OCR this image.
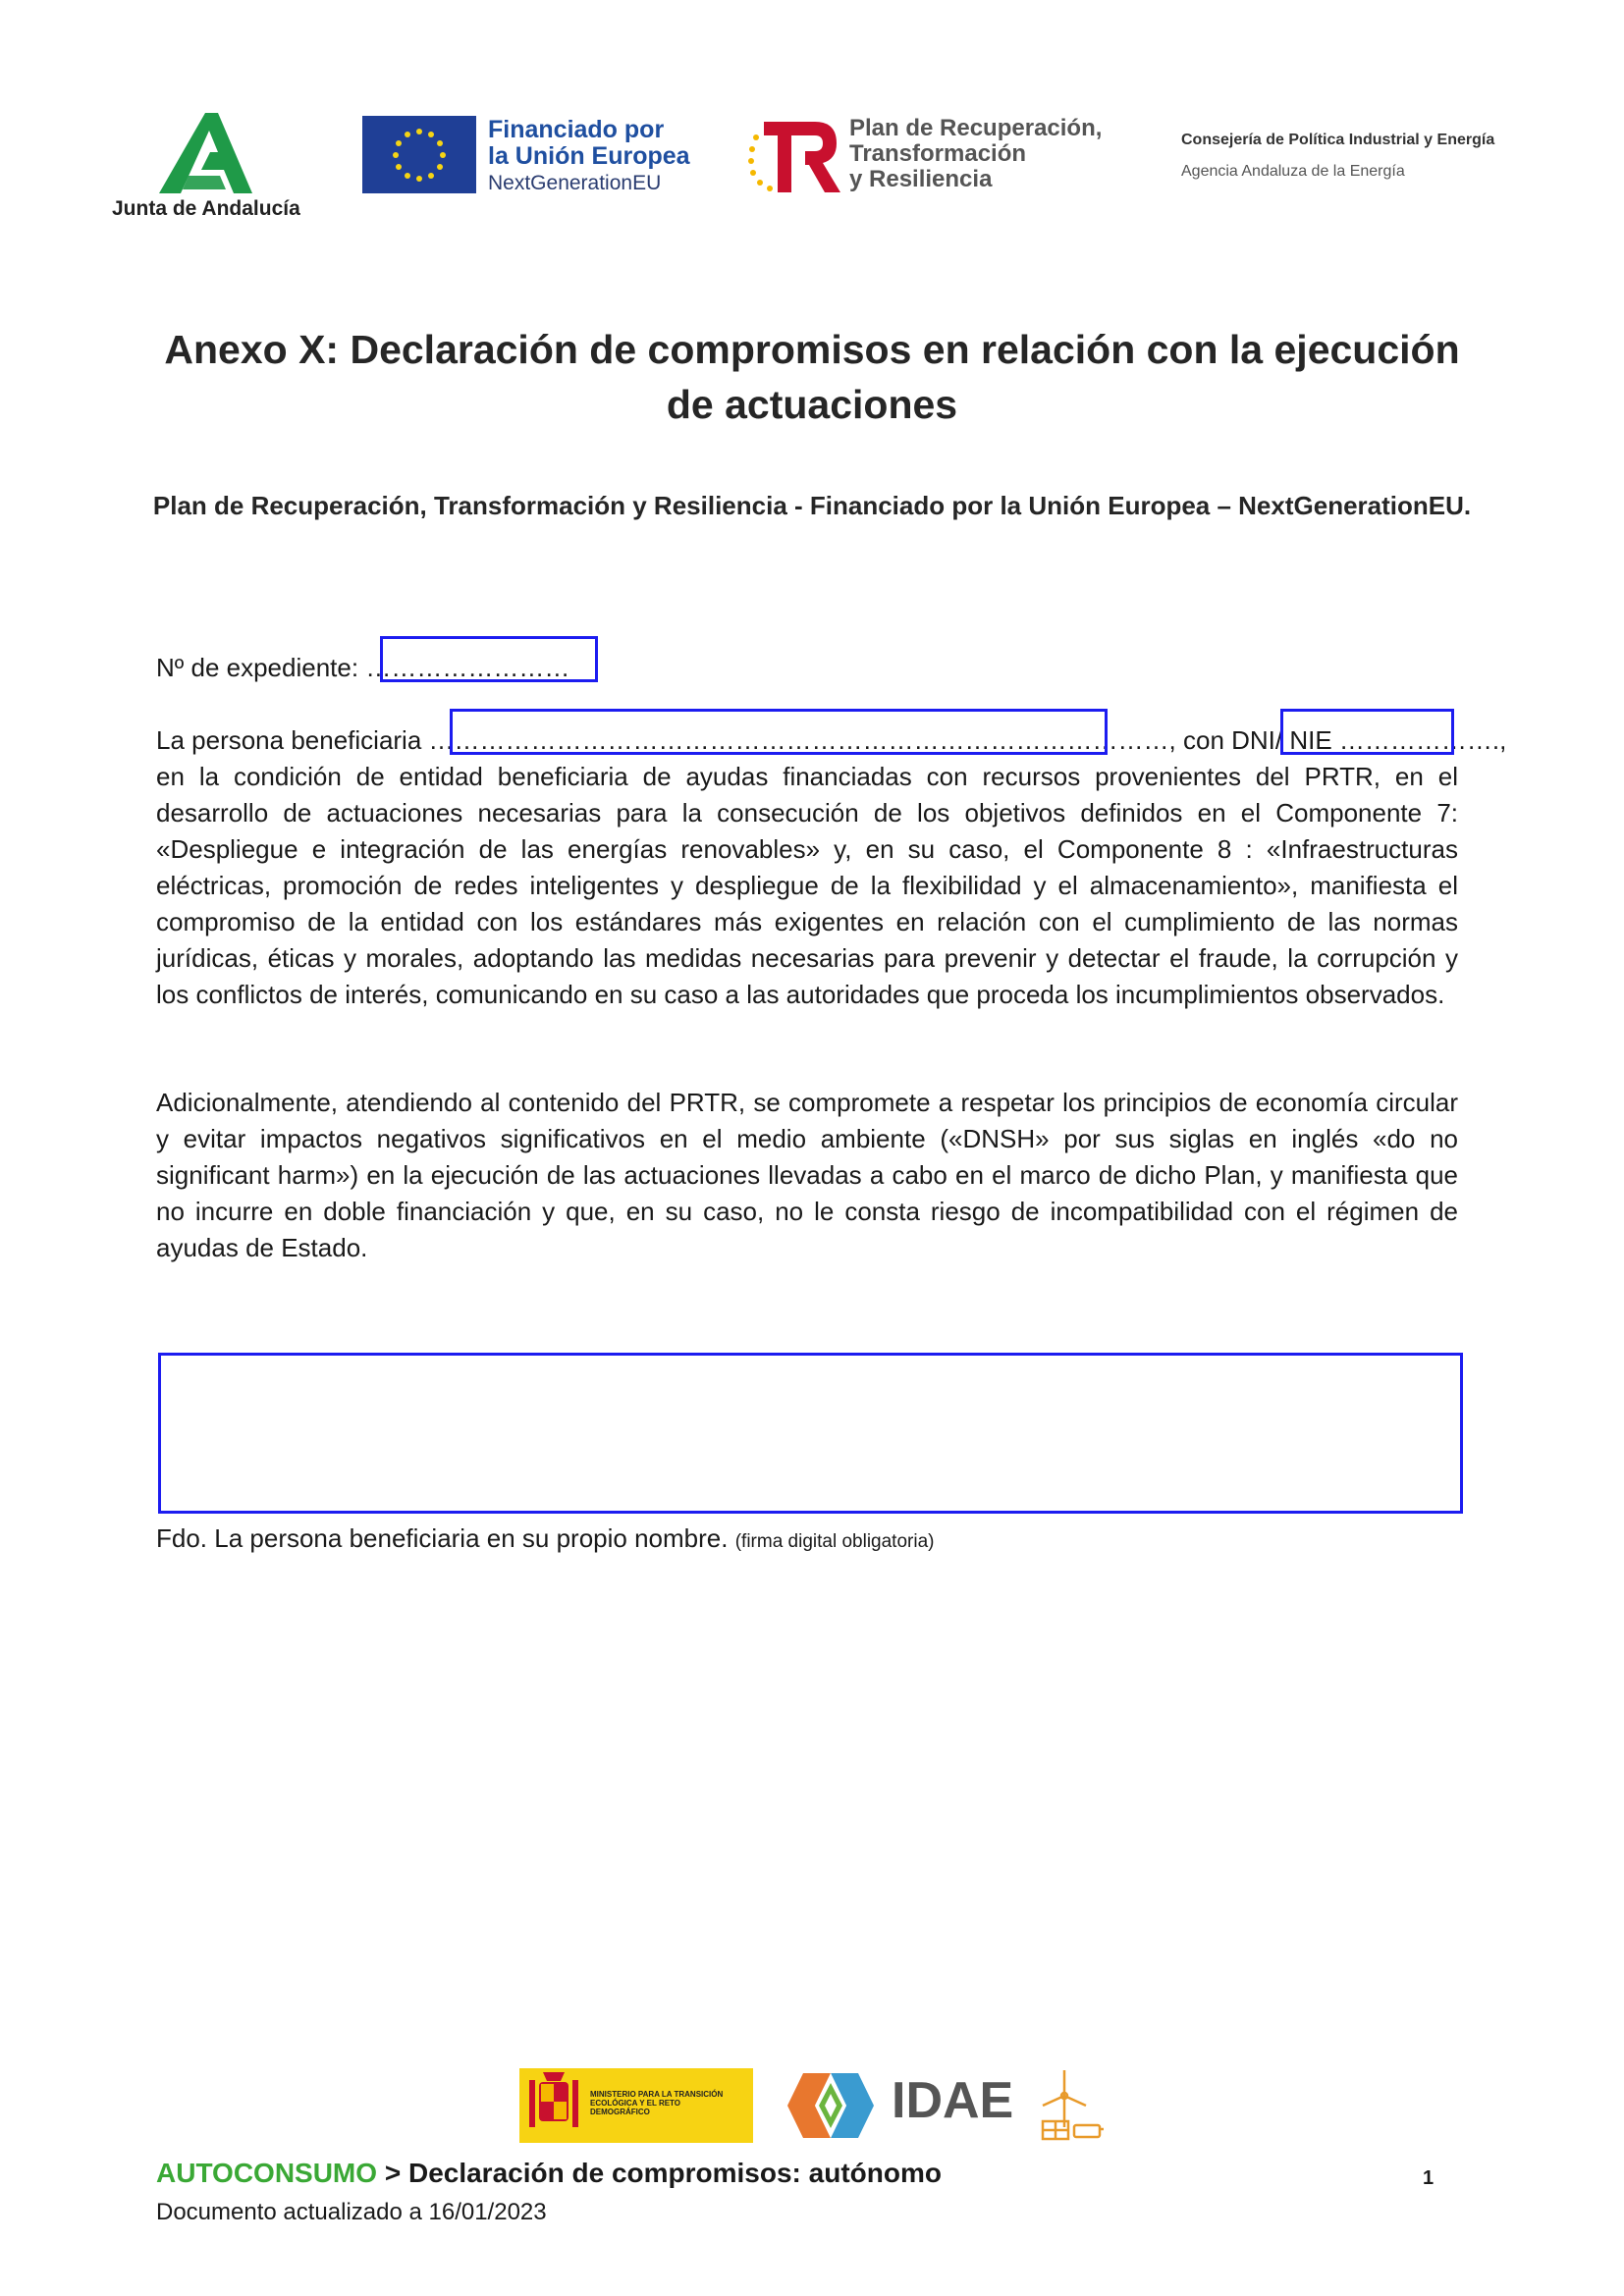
Junta de Andalucía
Financiado por
la Unión Europea
NextGenerationEU
Plan de Recuperación,
Transformación
y Resiliencia
Consejería de Política Industrial y Energía
Agencia Andaluza de la Energía
Anexo X: Declaración de compromisos en relación con la ejecución de actuaciones
Plan de Recuperación, Transformación y Resiliencia - Financiado por la Unión Europea – NextGenerationEU.
Nº de expediente: ……………………
La persona beneficiaria ……………………………………………………………………………, con DNI/ NIE ……………….,
en la condición de entidad beneficiaria de ayudas financiadas con recursos provenientes del PRTR, en el desarrollo de actuaciones necesarias para la consecución de los objetivos definidos en el Componente 7: «Despliegue e integración de las energías renovables» y, en su caso, el Componente 8 : «Infraestructuras eléctricas, promoción de redes inteligentes y despliegue de la flexibilidad y el almacenamiento», manifiesta el compromiso de la entidad con los estándares más exigentes en relación con el cumplimiento de las normas jurídicas, éticas y morales, adoptando las medidas necesarias para prevenir y detectar el fraude, la corrupción y los conflictos de interés, comunicando en su caso a las autoridades que proceda los incumplimientos observados.
Adicionalmente, atendiendo al contenido del PRTR, se compromete a respetar los principios de economía circular y evitar impactos negativos significativos en el medio ambiente («DNSH» por sus siglas en inglés «do no significant harm») en la ejecución de las actuaciones llevadas a cabo en el marco de dicho Plan, y manifiesta que no incurre en doble financiación y que, en su caso, no le consta riesgo de incompatibilidad con el régimen de ayudas de Estado.
Fdo. La persona beneficiaria en su propio nombre. (firma digital obligatoria)
MINISTERIO PARA LA TRANSICIÓN ECOLÓGICA Y EL RETO DEMOGRÁFICO	IDAE
AUTOCONSUMO > Declaración de compromisos: autónomo	1
Documento actualizado a 16/01/2023
